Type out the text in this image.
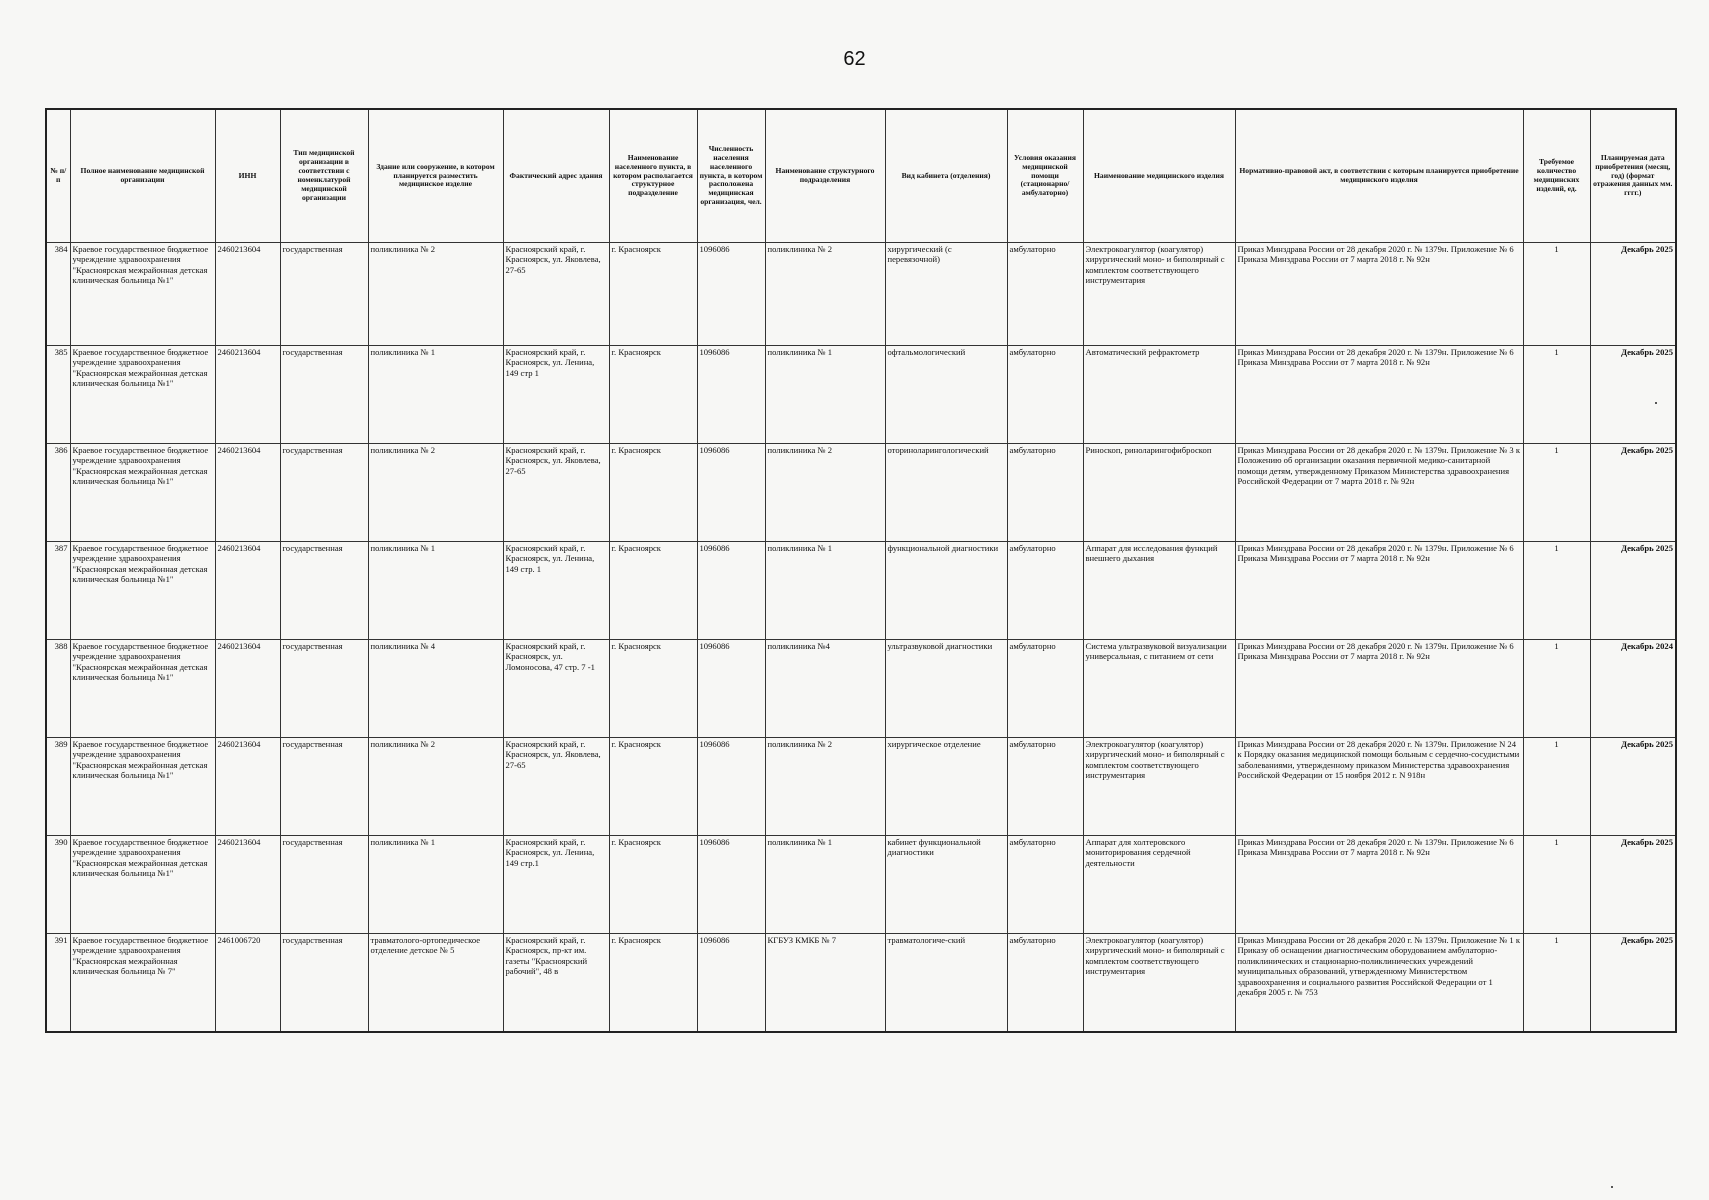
62
№ п/п	Полное наименование медицинской организации	ИНН	Тип медицинской организации в соответствии с номенклатурой медицинской организации	Здание или сооружение, в котором планируется разместить медицинское изделие	Фактический адрес здания	Наименование населенного пункта, в котором располагается структурное подразделение	Численность населения населенного пункта, в котором расположена медицинская организация, чел.	Наименование структурного подразделения	Вид кабинета (отделения)	Условия оказания медицинской помощи (стационарно/ амбулаторно)	Наименование медицинского изделия	Нормативно-правовой акт, в соответствии с которым планируется приобретение медицинского изделия	Требуемое количество медицинских изделий, ед.	Планируемая дата приобретения (месяц, год) (формат отражения данных мм. гггг.)
384	Краевое государственное бюджетное учреждение здравоохранения "Красноярская межрайонная детская клиническая больница №1"	2460213604	государственная	поликлиника № 2	Красноярский край, г. Красноярск, ул. Яковлева, 27-65	г. Красноярск	1096086	поликлиника № 2	хирургический (с перевязочной)	амбулаторно	Электрокоагулятор (коагулятор) хирургический моно- и биполярный с комплектом соответствующего инструментария	Приказ Минздрава России от 28 декабря 2020 г. № 1379н. Приложение № 6 Приказа Минздрава России от 7 марта 2018 г. № 92н	1	Декабрь 2025
385	Краевое государственное бюджетное учреждение здравоохранения "Красноярская межрайонная детская клиническая больница №1"	2460213604	государственная	поликлиника № 1	Красноярский край, г. Красноярск, ул. Ленина, 149 стр 1	г. Красноярск	1096086	поликлиника № 1	офтальмологический	амбулаторно	Автоматический рефрактометр	Приказ Минздрава России от 28 декабря 2020 г. № 1379н. Приложение № 6 Приказа Минздрава России от 7 марта 2018 г. № 92н	1	Декабрь 2025
386	Краевое государственное бюджетное учреждение здравоохранения "Красноярская межрайонная детская клиническая больница №1"	2460213604	государственная	поликлиника № 2	Красноярский край, г. Красноярск, ул. Яковлева, 27-65	г. Красноярск	1096086	поликлиника № 2	оториноларингологический	амбулаторно	Риноскоп, риноларингофиброскоп	Приказ Минздрава России от 28 декабря 2020 г. № 1379н. Приложение № 3 к Положению об организации оказания первичной медико-санитарной помощи детям, утвержденному Приказом Министерства здравоохранения Российской Федерации от 7 марта 2018 г. № 92н	1	Декабрь 2025
387	Краевое государственное бюджетное учреждение здравоохранения "Красноярская межрайонная детская клиническая больница №1"	2460213604	государственная	поликлиника № 1	Красноярский край, г. Красноярск, ул. Ленина, 149 стр. 1	г. Красноярск	1096086	поликлиника № 1	функциональной диагностики	амбулаторно	Аппарат для исследования функций внешнего дыхания	Приказ Минздрава России от 28 декабря 2020 г. № 1379н. Приложение № 6 Приказа Минздрава России от 7 марта 2018 г. № 92н	1	Декабрь 2025
388	Краевое государственное бюджетное учреждение здравоохранения "Красноярская межрайонная детская клиническая больница №1"	2460213604	государственная	поликлиника № 4	Красноярский край, г. Красноярск, ул. Ломоносова, 47 стр. 7 -1	г. Красноярск	1096086	поликлиника №4	ультразвуковой диагностики	амбулаторно	Система ультразвуковой визуализации универсальная, с питанием от сети	Приказ Минздрава России от 28 декабря 2020 г. № 1379н. Приложение № 6 Приказа Минздрава России от 7 марта 2018 г. № 92н	1	Декабрь 2024
389	Краевое государственное бюджетное учреждение здравоохранения "Красноярская межрайонная детская клиническая больница №1"	2460213604	государственная	поликлиника № 2	Красноярский край, г. Красноярск, ул. Яковлева, 27-65	г. Красноярск	1096086	поликлиника № 2	хирургическое отделение	амбулаторно	Электрокоагулятор (коагулятор) хирургический моно- и биполярный с комплектом соответствующего инструментария	Приказ Минздрава России от 28 декабря 2020 г. № 1379н. Приложение N 24 к Порядку оказания медицинской помощи больным с сердечно-сосудистыми заболеваниями, утвержденному приказом Министерства здравоохранения Российской Федерации от 15 ноября 2012 г. N 918н	1	Декабрь 2025
390	Краевое государственное бюджетное учреждение здравоохранения "Красноярская межрайонная детская клиническая больница №1"	2460213604	государственная	поликлиника № 1	Красноярский край, г. Красноярск, ул. Ленина, 149 стр.1	г. Красноярск	1096086	поликлиника № 1	кабинет функциональной диагностики	амбулаторно	Аппарат для холтеровского мониторирования сердечной деятельности	Приказ Минздрава России от 28 декабря 2020 г. № 1379н. Приложение № 6 Приказа Минздрава России от 7 марта 2018 г. № 92н	1	Декабрь 2025
391	Краевое государственное бюджетное учреждение здравоохранения "Красноярская межрайонная клиническая больница № 7"	2461006720	государственная	травматолого-ортопедическое отделение детское № 5	Красноярский край, г. Красноярск, пр-кт им. газеты "Красноярский рабочий", 48 в	г. Красноярск	1096086	КГБУЗ КМКБ № 7	травматологиче-ский	амбулаторно	Электрокоагулятор (коагулятор) хирургический моно- и биполярный с комплектом соответствующего инструментария	Приказ Минздрава России от 28 декабря 2020 г. № 1379н. Приложение № 1 к Приказу об оснащении диагностическим оборудованием амбулаторно-поликлинических и стационарно-поликлинических учреждений муниципальных образований, утвержденному Министерством здравоохранения и социального развития Российской Федерации от 1 декабря 2005 г. № 753	1	Декабрь 2025
